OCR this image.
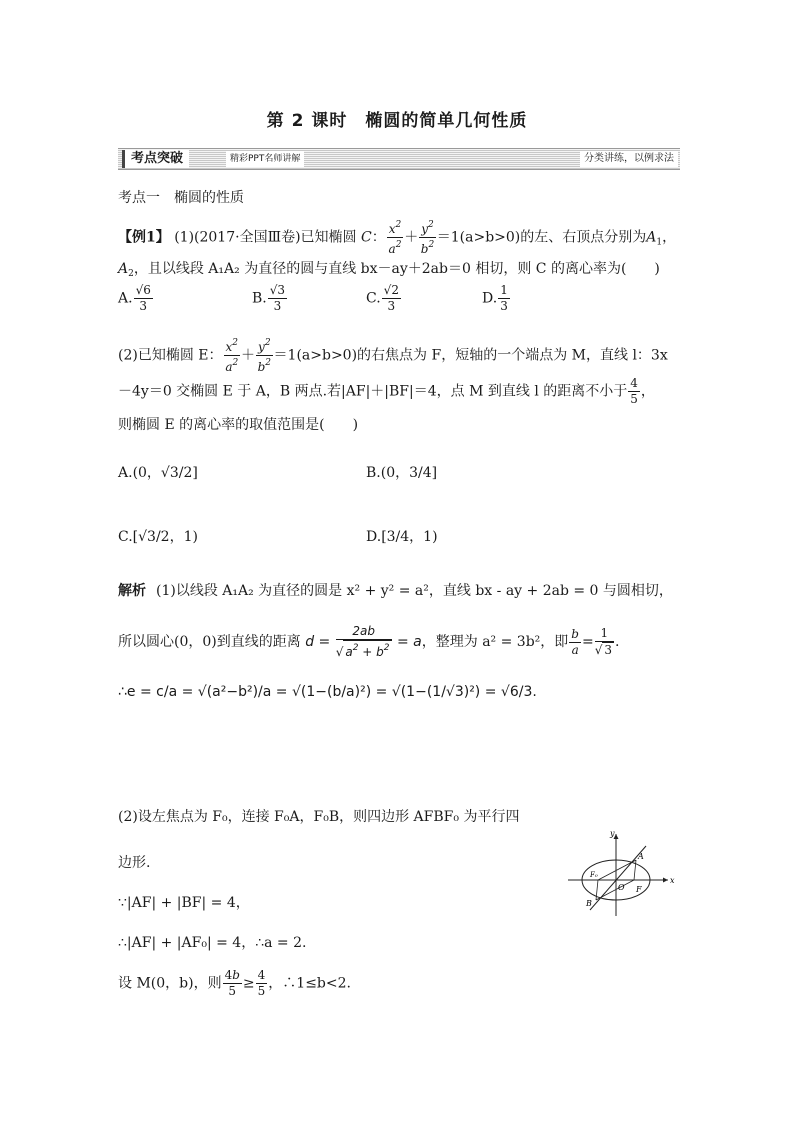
第 2 课时　椭圆的简单几何性质
考点突破	精彩PPT名师讲解	分类讲练，以例求法
考点一　椭圆的性质
【例1】 (1)(2017·全国Ⅲ卷)已知椭圆 C： $\frac{x^2}{a^2} + \frac{y^2}{b^2} =1(a>b>0)$的左、右顶点分别为$A_1$，
$A_2$，且以线段 A₁A₂ 为直径的圆与直线 bx－ay＋2ab＝0 相切，则 C 的离心率为(　　)
A. $\frac{√6}{3}$	B. $\frac{√3}{3}$	C. $\frac{√2}{3}$	D. $\frac{1}{3}$
(2)已知椭圆 E： $\frac{x^2}{a^2} + \frac{y^2}{b^2} =1(a>b>0)$的右焦点为 F，短轴的一个端点为 M，直线 l：3x
－4y＝0 交椭圆 E 于 A，B 两点.若|AF|＋|BF|＝4，点 M 到直线 l 的距离不小于 $\frac{4}{5}$ ，
则椭圆 E 的离心率的取值范围是(　　)
A.(0，√3/2]	B.(0，3/4]
C.[√3/2，1)	D.[3/4，1)
解析 (1)以线段 A₁A₂ 为直径的圆是 x² + y² = a²，直线 bx - ay + 2ab = 0 与圆相切，
所以圆心(0，0)到直线的距离 $d = \frac{2ab}{√ a^2 + b^2} = a$，整理为 a² = 3b²，即 $\frac{b}{a} = \frac{1}{√ 3}$ .
∴e = c/a = √(a²−b²)/a = √(1−(b/a)²) = √(1−(1/√3)²) = √6/3.
(2)设左焦点为 F₀，连接 F₀A，F₀B，则四边形 AFBF₀ 为平行四
边形.
∵|AF| + |BF| = 4，
∴|AF| + |AF₀| = 4，∴a = 2.
设 M(0，b)，则 $\frac{4b}{5} \ge \frac{4}{5}$ ，∴1≤b<2.
y
x
A
B
O F
F₀
